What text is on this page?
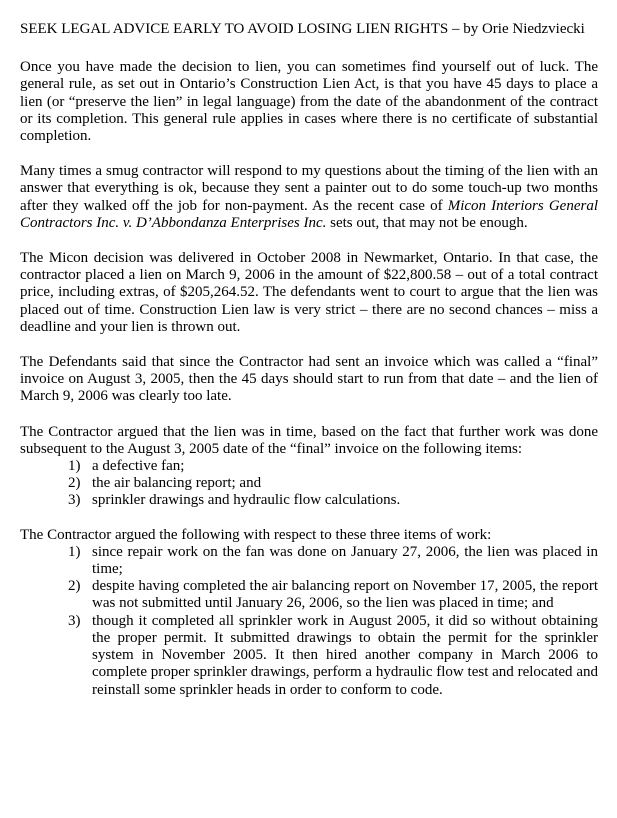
SEEK LEGAL ADVICE EARLY TO AVOID LOSING LIEN RIGHTS – by Orie Niedzviecki

Once you have made the decision to lien, you can sometimes find yourself out of luck. The general rule, as set out in Ontario’s Construction Lien Act, is that you have 45 days to place a lien (or “preserve the lien” in legal language) from the date of the abandonment of the contract or its completion. This general rule applies in cases where there is no certificate of substantial completion.

Many times a smug contractor will respond to my questions about the timing of the lien with an answer that everything is ok, because they sent a painter out to do some touch-up two months after they walked off the job for non-payment. As the recent case of Micon Interiors General Contractors Inc. v. D’Abbondanza Enterprises Inc. sets out, that may not be enough.

The Micon decision was delivered in October 2008 in Newmarket, Ontario. In that case, the contractor placed a lien on March 9, 2006 in the amount of $22,800.58 – out of a total contract price, including extras, of $205,264.52. The defendants went to court to argue that the lien was placed out of time. Construction Lien law is very strict – there are no second chances – miss a deadline and your lien is thrown out.

The Defendants said that since the Contractor had sent an invoice which was called a “final” invoice on August 3, 2005, then the 45 days should start to run from that date – and the lien of March 9, 2006 was clearly too late.

The Contractor argued that the lien was in time, based on the fact that further work was done subsequent to the August 3, 2005 date of the “final” invoice on the following items:

1) a defective fan;
2) the air balancing report; and
3) sprinkler drawings and hydraulic flow calculations.

The Contractor argued the following with respect to these three items of work:

1) since repair work on the fan was done on January 27, 2006, the lien was placed in time;
2) despite having completed the air balancing report on November 17, 2005, the report was not submitted until January 26, 2006, so the lien was placed in time; and
3) though it completed all sprinkler work in August 2005, it did so without obtaining the proper permit. It submitted drawings to obtain the permit for the sprinkler system in November 2005. It then hired another company in March 2006 to complete proper sprinkler drawings, perform a hydraulic flow test and relocated and reinstall some sprinkler heads in order to conform to code.
